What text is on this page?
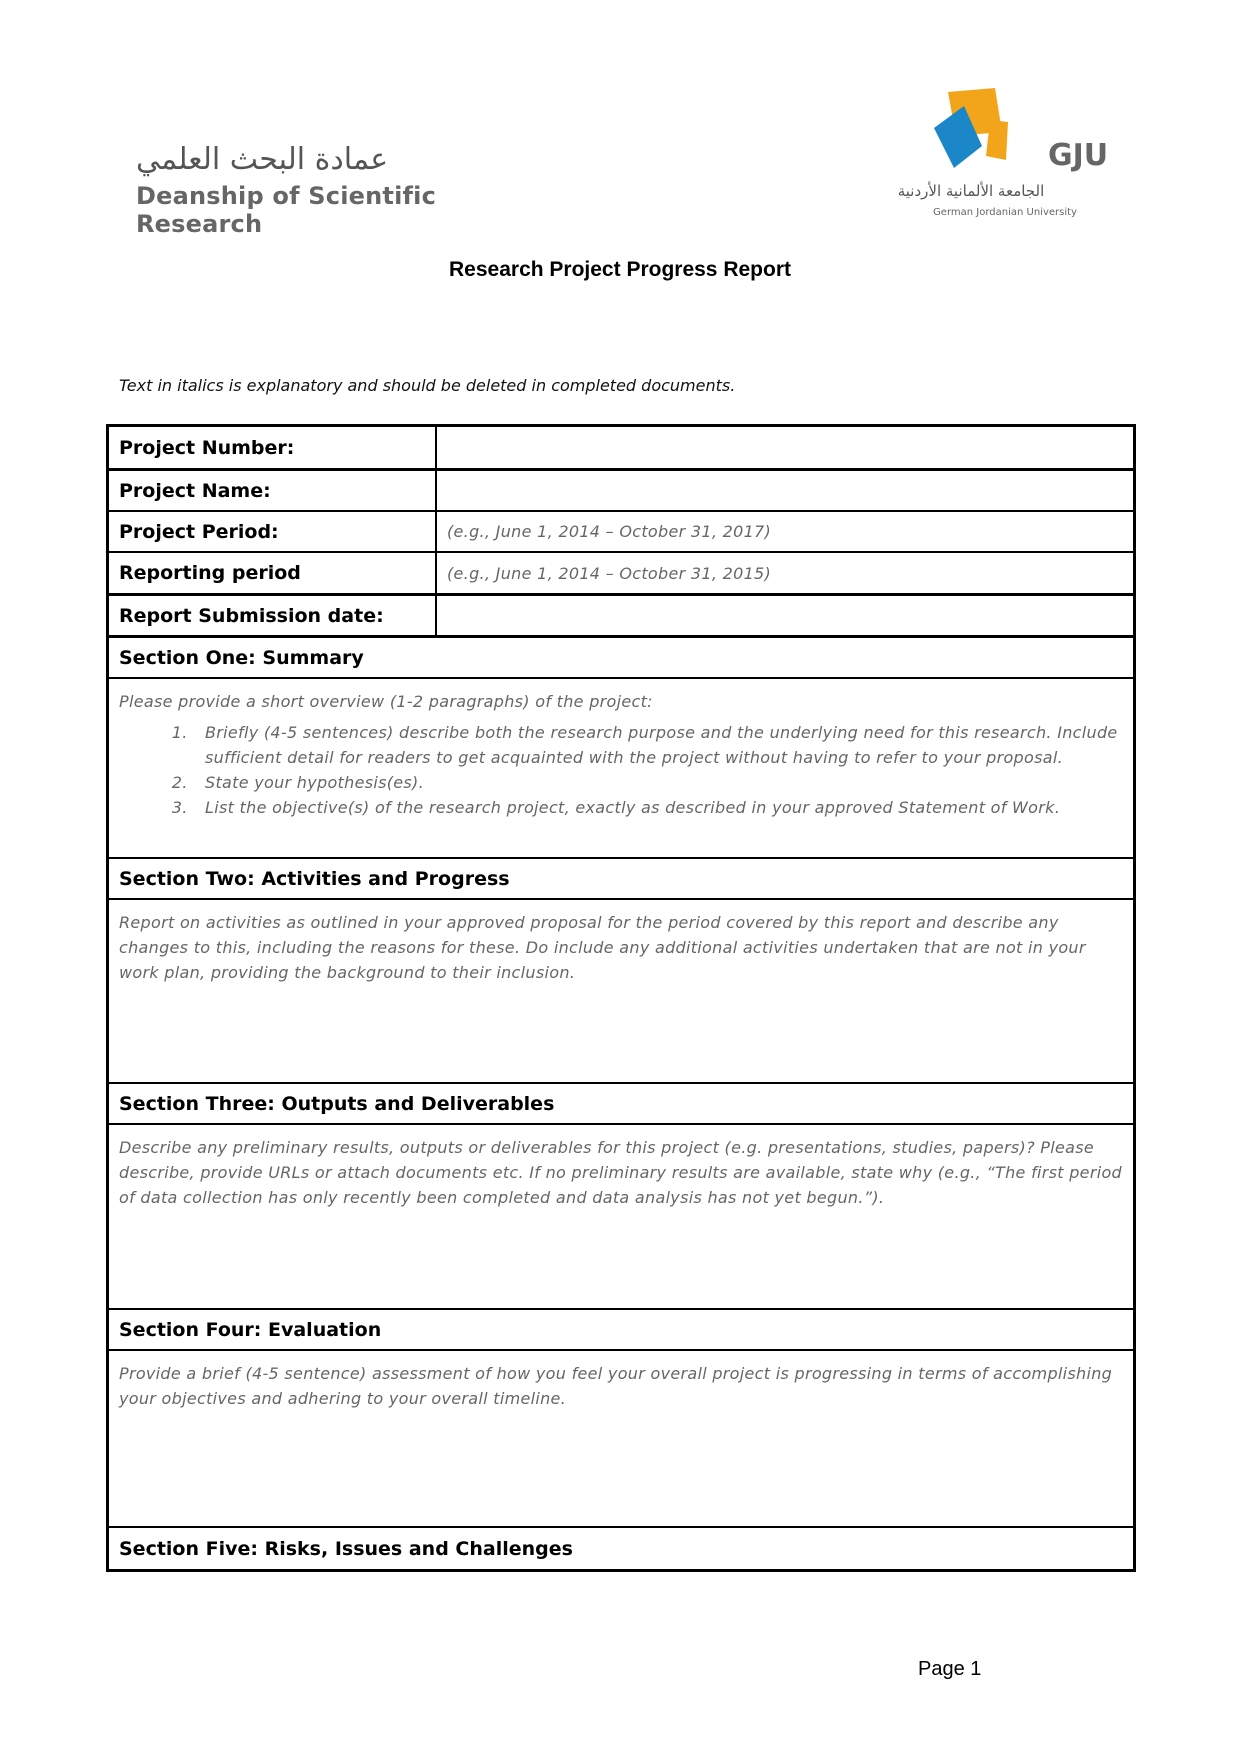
عمادة البحث العلمي
Deanship of Scientific Research
GJU
الجامعة الألمانية الأردنية
German Jordanian University
Research Project Progress Report
Text in italics is explanatory and should be deleted in completed documents.
Project Number:
Project Name:
Project Period:	(e.g., June 1, 2014 – October 31, 2017)
Reporting period	(e.g., June 1, 2014 – October 31, 2015)
Report Submission date:
Section One: Summary
Please provide a short overview (1-2 paragraphs) of the project:
1. Briefly (4-5 sentences) describe both the research purpose and the underlying need for this research. Include sufficient detail for readers to get acquainted with the project without having to refer to your proposal.
2. State your hypothesis(es).
3. List the objective(s) of the research project, exactly as described in your approved Statement of Work.
Section Two: Activities and Progress
Report on activities as outlined in your approved proposal for the period covered by this report and describe any changes to this, including the reasons for these. Do include any additional activities undertaken that are not in your work plan, providing the background to their inclusion.
Section Three: Outputs and Deliverables
Describe any preliminary results, outputs or deliverables for this project (e.g. presentations, studies, papers)? Please describe, provide URLs or attach documents etc. If no preliminary results are available, state why (e.g., “The first period of data collection has only recently been completed and data analysis has not yet begun.”).
Section Four: Evaluation
Provide a brief (4-5 sentence) assessment of how you feel your overall project is progressing in terms of accomplishing your objectives and adhering to your overall timeline.
Section Five: Risks, Issues and Challenges
Page 1
